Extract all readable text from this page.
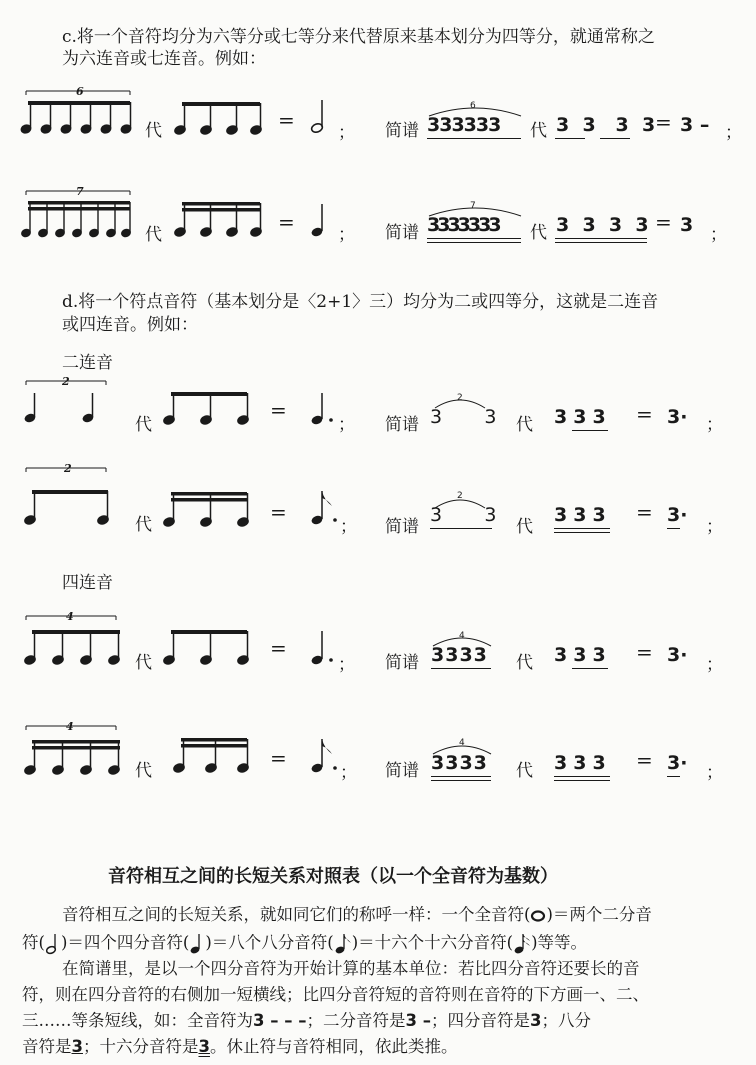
c.将一个音符均分为六等分或七等分来代替原来基本划分为四等分，就通常称之
为六连音或七连音。例如：
6
代	=
； 简谱
6
333333 代 3  3   3  3 = 3 – ；
7
代
=
； 简谱
7
3333333 代 3  3  3  3 = 3 ；
d.将一个符点音符（基本划分是〈2+1〉三）均分为二或四等分，这就是二连音
或四连音。例如：
二连音
2
代
=
； 简谱
2
3       3 代 333 = 3· ；
2
代
=
； 简谱
2
3       3
代
333 = 3·
；
四连音
4
代
=
； 简谱
4
3333 代 333 = 3· ；
4
代
=
； 简谱
4
3333 代 333 = 3· ；
音符相互之间的长短关系对照表（以一个全音符为基数）
音符相互之间的长短关系，就如同它们的称呼一样：一个全音符( )＝两个二分音
符( )＝四个四分音符( )＝八个八分音符( )＝十六个十六分音符( )等等。
在简谱里，是以一个四分音符为开始计算的基本单位：若比四分音符还要长的音
符，则在四分音符的右侧加一短横线；比四分音符短的音符则在音符的下方画一、二、
三……等条短线，如：全音符为3 – – –；二分音符是3 –；四分音符是3；八分
音符是3；十六分音符是3。休止符与音符相同，依此类推。
